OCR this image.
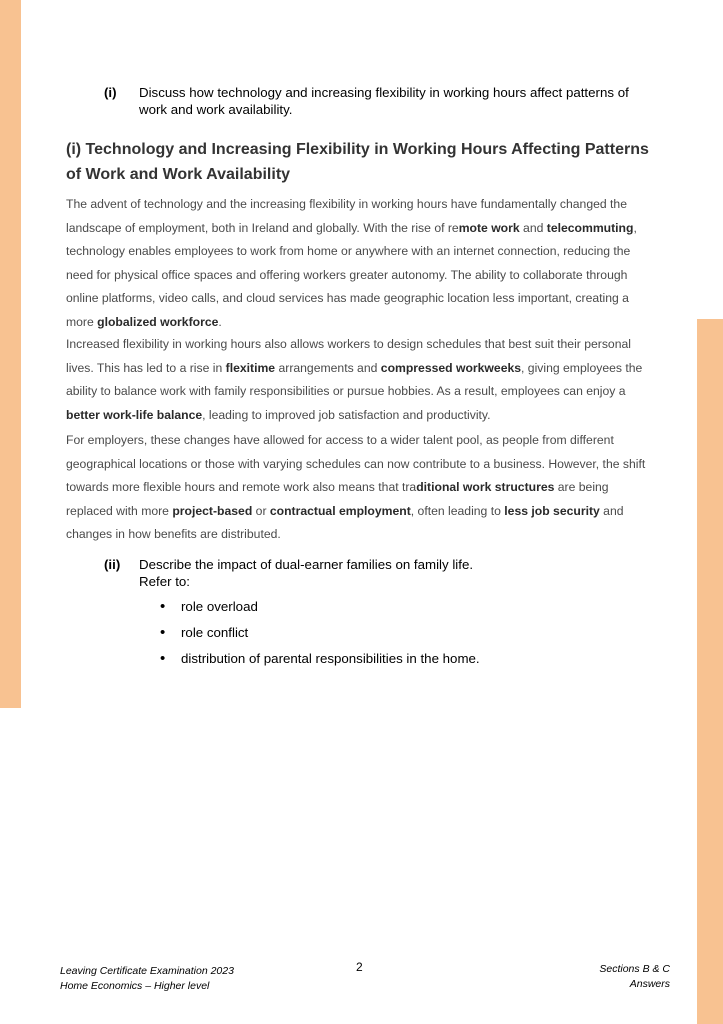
(i) Discuss how technology and increasing flexibility in working hours affect patterns of work and work availability.
(i) Technology and Increasing Flexibility in Working Hours Affecting Patterns of Work and Work Availability
The advent of technology and the increasing flexibility in working hours have fundamentally changed the landscape of employment, both in Ireland and globally. With the rise of remote work and telecommuting, technology enables employees to work from home or anywhere with an internet connection, reducing the need for physical office spaces and offering workers greater autonomy. The ability to collaborate through online platforms, video calls, and cloud services has made geographic location less important, creating a more globalized workforce.
Increased flexibility in working hours also allows workers to design schedules that best suit their personal lives. This has led to a rise in flexitime arrangements and compressed workweeks, giving employees the ability to balance work with family responsibilities or pursue hobbies. As a result, employees can enjoy a better work-life balance, leading to improved job satisfaction and productivity.
For employers, these changes have allowed for access to a wider talent pool, as people from different geographical locations or those with varying schedules can now contribute to a business. However, the shift towards more flexible hours and remote work also means that traditional work structures are being replaced with more project-based or contractual employment, often leading to less job security and changes in how benefits are distributed.
(ii) Describe the impact of dual-earner families on family life.
Refer to:
• role overload
• role conflict
• distribution of parental responsibilities in the home.
Leaving Certificate Examination 2023
Home Economics – Higher level
2	Sections B & C
Answers
